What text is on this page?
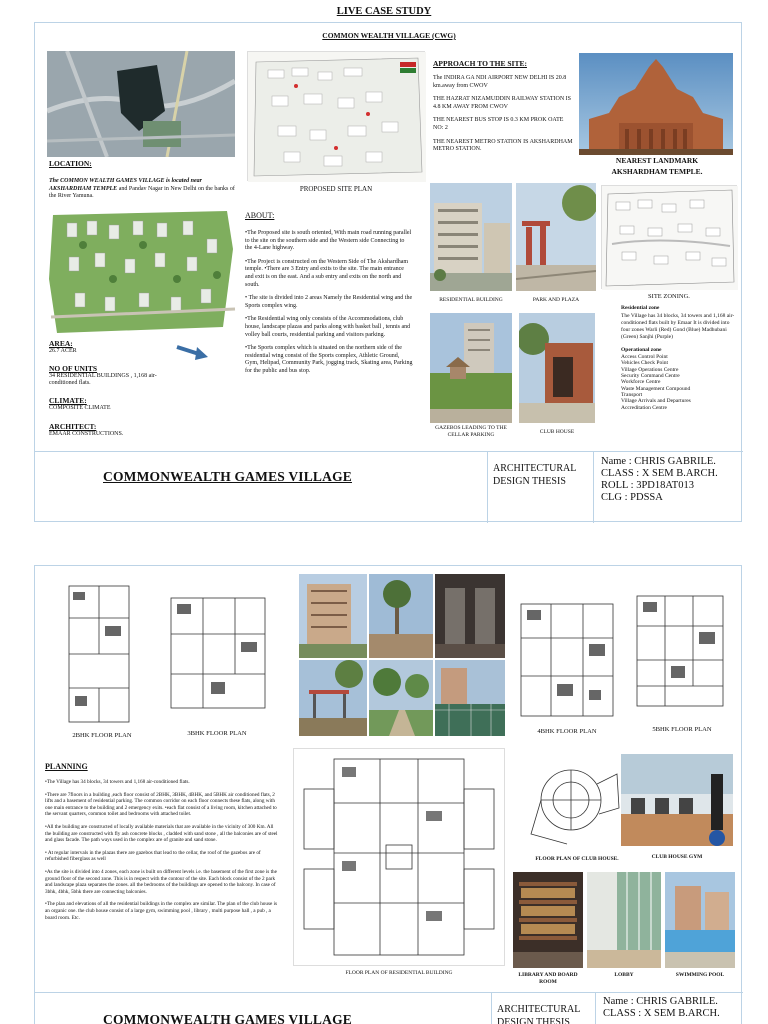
LIVE CASE STUDY
COMMON WEALTH VILLAGE (CWG)
APPROACH TO THE SITE:
The INDIRA GA NDI AIRPORT NEW DELHI IS 20.8 km.away from CWOV
THE HAZRAT NIZAMUDDIN RAILWAY STATION IS 4.8 KM AWAY FROM CWOV
THE NEAREST BUS STOP IS 0.3 KM PROK OATE NO: 2
THE NEAREST METRO STATION IS AKSHARDHAM METRO STATION.
NEAREST LANDMARK AKSHARDHAM TEMPLE.
LOCATION:
The COMMON WEALTH GAMES VILLAGE is located near AKSHARDHAM TEMPLE and Pandav Nagar in New Delhi on the banks of the River Yamuna.
PROPOSED SITE PLAN
AREA:
26.7 ACER
NO OF UNITS
34 RESIDENTIAL BUILDINGS , 1,168 air-conditioned flats.
CLIMATE:
COMPOSITE CLIMATE
ARCHITECT:
EMAAR CONSTRUCTIONS.
ABOUT:
•The Proposed site is south oriented, With main road running parallel to the site on the southern side and the Western side Connecting to the 4-Lane highway.
•The Project is constructed on the Western Side of The Akshardham temple. •There are 3 Entry and exits to the site. The main entrance and exit is on the east. And a sub entry and exits on the north and south.
• The site is divided into 2 areas Namely the Residential wing and the Sports complex wing.
•The Residential wing only consists of the Accommodations, club house, landscape plazas and parks along with basket ball , tennis and volley ball courts, residential parking and visitors parking.
•The Sports complex which is situated on the northern side of the residential wing consist of the Sports complex, Athletic Ground, Gym, Helipad, Community Park, jogging track, Skating area, Parking for the public and bus stop.
RESIDENTIAL BUILDING	PARK AND PLAZA	SITE ZONING.
GAZEBOS LEADING TO THE CELLAR PARKING	CLUB HOUSE
Residential zone
The Village has 34 blocks, 34 towers and 1,168 air-conditioned flats built by Emaar It is divided into four zones Warli (Red) Gond (Blue) Madhubani (Green) Sanjhi (Purple)
Operational zone
Access Control Point
Vehicles Check Point
Village Operations Centre
Security Command Centre
Workforce Centre
Waste Management Compound
Transport
Village Arrivals and Departures
Accreditation Centre
COMMONWEALTH GAMES VILLAGE
ARCHITECTURAL DESIGN THESIS
Name : CHRIS GABRILE.
CLASS : X SEM B.ARCH.
ROLL : 3PD18AT013
CLG : PDSSA
2BHK FLOOR PLAN	3BHK FLOOR PLAN	4BHK FLOOR PLAN	5BHK FLOOR PLAN
PLANNING
•The Village has 34 blocks, 34 towers and 1,168 air-conditioned flats.
•There are 7floors in a building ,each floor consist of 2BHK, 3BHK, 4BHK, and 5BHK air conditioned flats, 2 lifts and a basement of residential parking. The common corridor on each floor connects these flats, along with one main entrance to the building and 2 emergency exits. •each flat consist of a living room, kitchen attached to the servant quarters, common toilet and bedrooms with attached toilet.
•All the building are constructed of locally available materials that are available in the vicinity of 300 Km. All the building are constructed with fly ash concrete blocks , cladded with sand stone , all the balconies are of steel and glass facade. The path ways used in the complex are of granite and sand stone.
• At regular intervals in the plazas there are gazebos that lead to the cellar, the roof of the gazebos are of refurbished fiberglass as well
•As the site is divided into 4 zones, each zone is built on different levels i.e. the basement of the first zone is the ground floor of the second zone. This is in respect with the contour of the site. Each block consist of the 2 park and landscape plaza separates the zones. all the bedrooms of the buildings are opened to the balcony. In case of 3bhk, 4bhk, 5bhk there are connecting balconies.
•The plan and elevations of all the residential buildings in the complex are similar. The plan of the club house is an organic one. the club house consist of a large gym, swimming pool , library , multi purpose hall , a pub , a board room. Etc.
FLOOR PLAN OF RESIDENTIAL BUILDING
FLOOR PLAN OF CLUB HOUSE.	CLUB HOUSE GYM
LIBRARY AND BOARD ROOM
LOBBY	SWIMMING POOL
COMMONWEALTH GAMES VILLAGE
ARCHITECTURAL DESIGN THESIS
Name : CHRIS GABRILE.
CLASS : X SEM B.ARCH.
